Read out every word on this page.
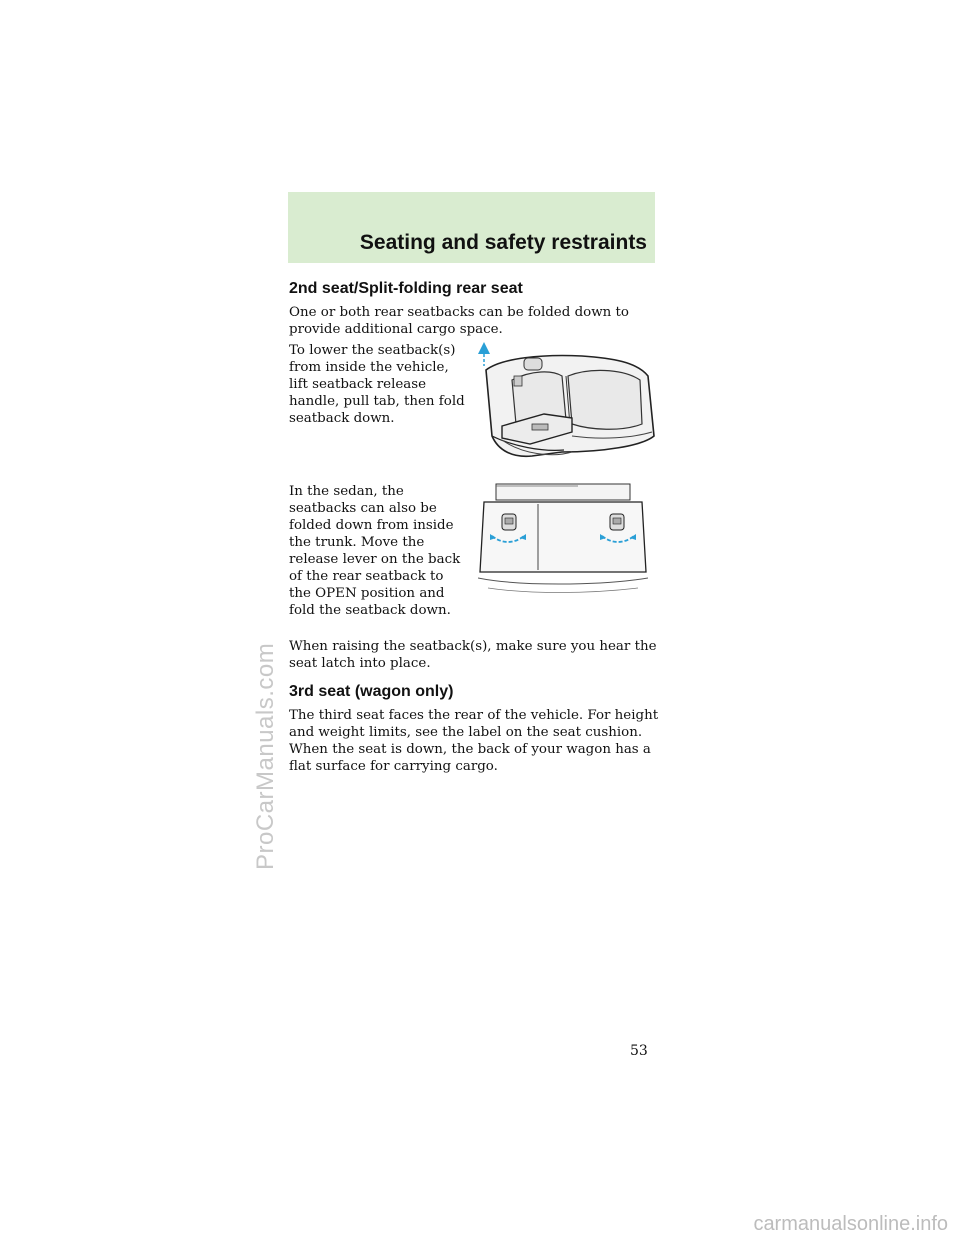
Seating and safety restraints
2nd seat/Split-folding rear seat

One or both rear seatbacks can be folded down to provide additional cargo space.

To lower the seatback(s) from inside the vehicle, lift seatback release handle, pull tab, then fold seatback down.

In the sedan, the seatbacks can also be folded down from inside the trunk. Move the release lever on the back of the rear seatback to the OPEN position and fold the seatback down.

When raising the seatback(s), make sure you hear the seat latch into place.

3rd seat (wagon only)

The third seat faces the rear of the vehicle. For height and weight limits, see the label on the seat cushion. When the seat is down, the back of your wagon has a flat surface for carrying cargo.

53
ProCarManuals.com
carmanualsonline.info
